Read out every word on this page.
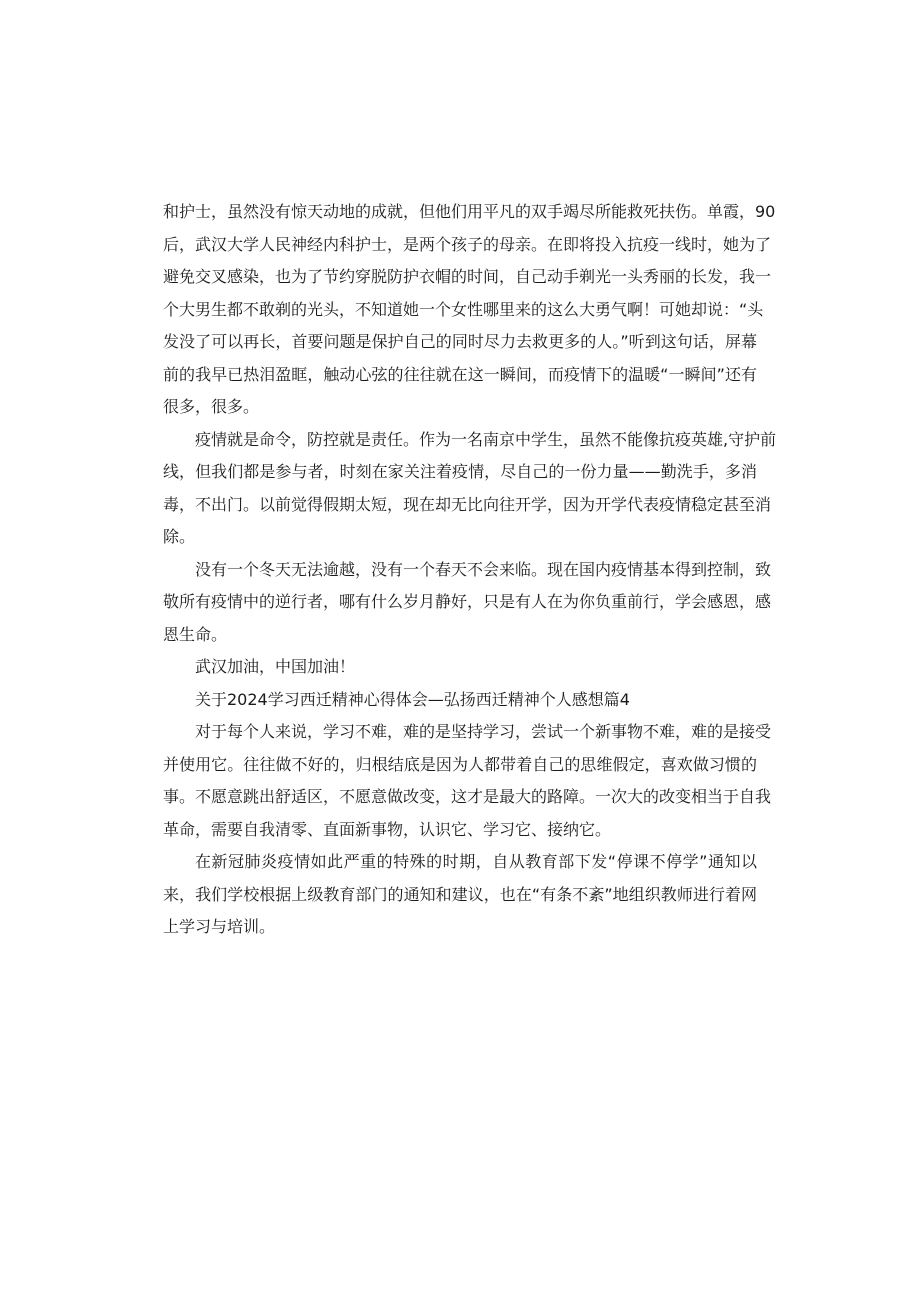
和护士，虽然没有惊天动地的成就，但他们用平凡的双手竭尽所能救死扶伤。单霞，90
后，武汉大学人民神经内科护士，是两个孩子的母亲。在即将投入抗疫一线时，她为了
避免交叉感染，也为了节约穿脱防护衣帽的时间，自己动手剃光一头秀丽的长发，我一
个大男生都不敢剃的光头，不知道她一个女性哪里来的这么大勇气啊！可她却说：“头
发没了可以再长，首要问题是保护自己的同时尽力去救更多的人。”听到这句话，屏幕
前的我早已热泪盈眶，触动心弦的往往就在这一瞬间，而疫情下的温暖“一瞬间”还有
很多，很多。
疫情就是命令，防控就是责任。作为一名南京中学生，虽然不能像抗疫英雄,守护前
线，但我们都是参与者，时刻在家关注着疫情，尽自己的一份力量——勤洗手，多消
毒，不出门。以前觉得假期太短，现在却无比向往开学，因为开学代表疫情稳定甚至消
除。
没有一个冬天无法逾越，没有一个春天不会来临。现在国内疫情基本得到控制，致
敬所有疫情中的逆行者，哪有什么岁月静好，只是有人在为你负重前行，学会感恩，感
恩生命。
武汉加油，中国加油！
关于2024学习西迁精神心得体会—弘扬西迁精神个人感想篇4
对于每个人来说，学习不难，难的是坚持学习，尝试一个新事物不难，难的是接受
并使用它。往往做不好的，归根结底是因为人都带着自己的思维假定，喜欢做习惯的
事。不愿意跳出舒适区，不愿意做改变，这才是最大的路障。一次大的改变相当于自我
革命，需要自我清零、直面新事物，认识它、学习它、接纳它。
在新冠肺炎疫情如此严重的特殊的时期，自从教育部下发“停课不停学”通知以
来，我们学校根据上级教育部门的通知和建议，也在“有条不紊”地组织教师进行着网
上学习与培训。
